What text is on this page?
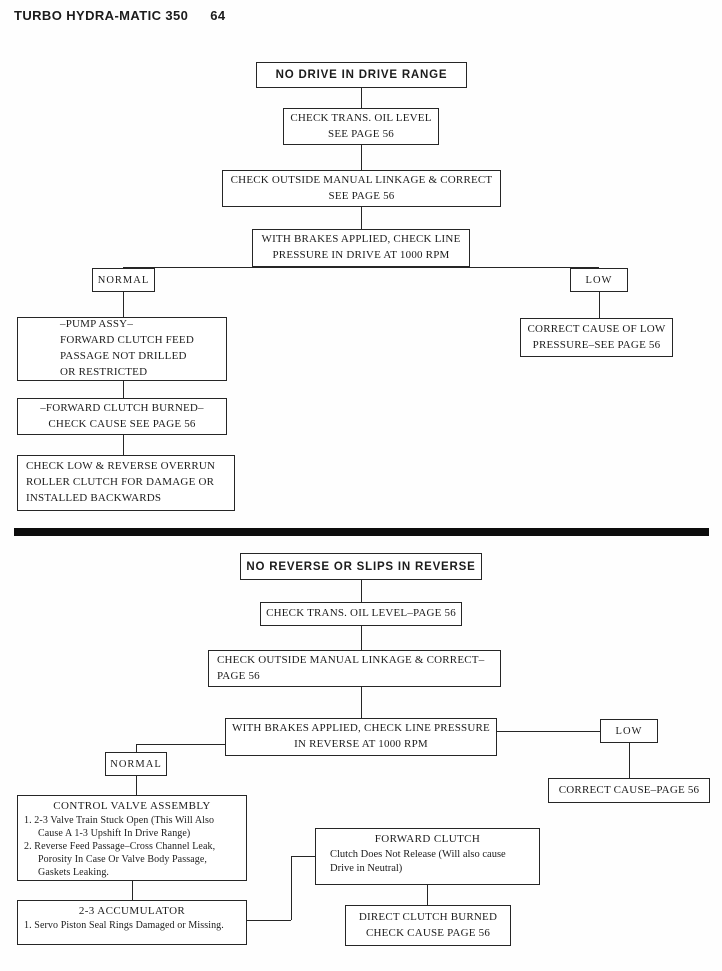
TURBO HYDRA-MATIC 350 64
NO DRIVE IN DRIVE RANGE
CHECK TRANS. OIL LEVEL
SEE PAGE 56
CHECK OUTSIDE MANUAL LINKAGE & CORRECT
SEE PAGE 56
WITH BRAKES APPLIED, CHECK LINE
PRESSURE IN DRIVE AT 1000 RPM
NORMAL	LOW
–PUMP ASSY–
FORWARD CLUTCH FEED
PASSAGE NOT DRILLED
OR RESTRICTED
–FORWARD CLUTCH BURNED–
CHECK CAUSE SEE PAGE 56
CHECK LOW & REVERSE OVERRUN
ROLLER CLUTCH FOR DAMAGE OR
INSTALLED BACKWARDS
CORRECT CAUSE OF LOW
PRESSURE–SEE PAGE 56
NO REVERSE OR SLIPS IN REVERSE
CHECK TRANS. OIL LEVEL–PAGE 56
CHECK OUTSIDE MANUAL LINKAGE & CORRECT–
PAGE 56
WITH BRAKES APPLIED, CHECK LINE PRESSURE
IN REVERSE AT 1000 RPM
LOW
CORRECT CAUSE–PAGE 56
NORMAL
CONTROL VALVE ASSEMBLY
1. 2-3 Valve Train Stuck Open (This Will Also Cause A 1-3 Upshift In Drive Range)
2. Reverse Feed Passage–Cross Channel Leak, Porosity In Case Or Valve Body Passage, Gaskets Leaking.
2-3 ACCUMULATOR
1. Servo Piston Seal Rings Damaged or Missing.
FORWARD CLUTCH
Clutch Does Not Release (Will also cause Drive in Neutral)
DIRECT CLUTCH BURNED
CHECK CAUSE PAGE 56
